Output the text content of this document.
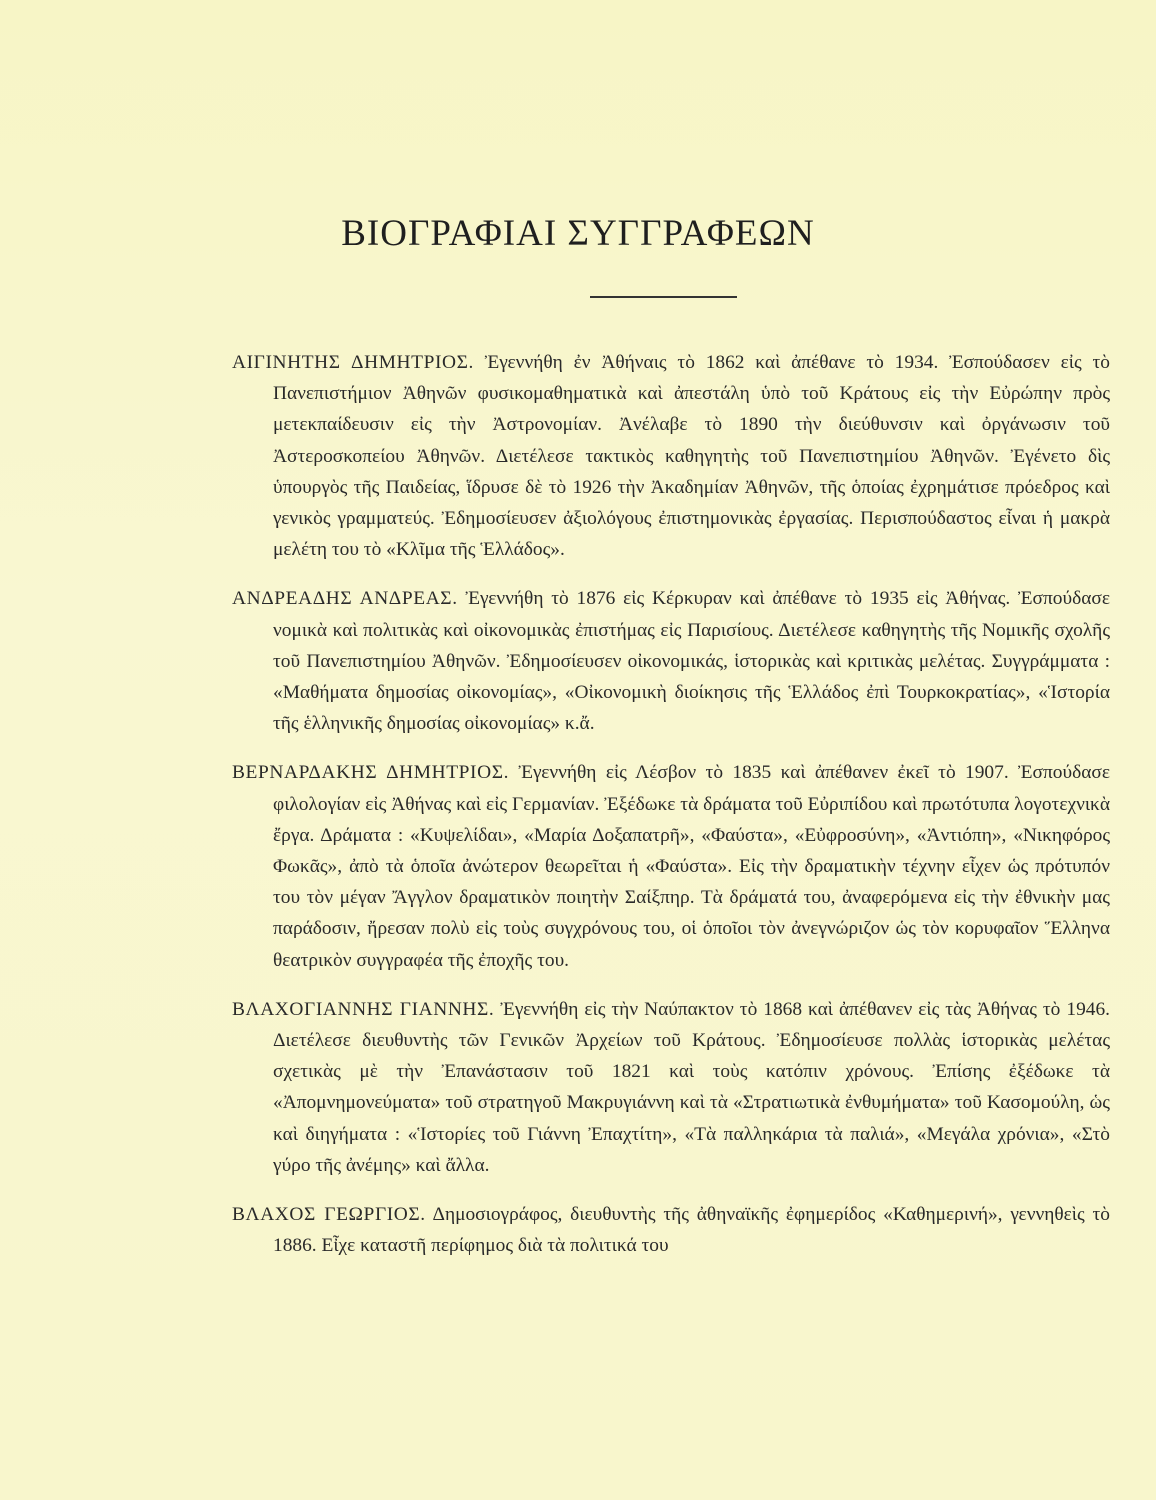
ΒΙΟΓΡΑΦΙΑΙ ΣΥΓΓΡΑΦΕΩΝ

ΑΙΓΙΝΗΤΗΣ ΔΗΜΗΤΡΙΟΣ. Ἐγεννήθη ἐν Ἀθήναις τὸ 1862 καὶ ἀπέθανε τὸ 1934. Ἐσπούδασεν εἰς τὸ Πανεπιστήμιον Ἀθηνῶν φυσικομαθηματικὰ καὶ ἀπεστάλη ὑπὸ τοῦ Κράτους εἰς τὴν Εὐρώπην πρὸς μετεκπαίδευσιν εἰς τὴν Ἀστρονομίαν. Ἀνέλαβε τὸ 1890 τὴν διεύθυνσιν καὶ ὀργάνωσιν τοῦ Ἀστεροσκοπείου Ἀθηνῶν. Διετέλεσε τακτικὸς καθηγητὴς τοῦ Πανεπιστημίου Ἀθηνῶν. Ἐγένετο δὶς ὑπουργὸς τῆς Παιδείας, ἵδρυσε δὲ τὸ 1926 τὴν Ἀκαδημίαν Ἀθηνῶν, τῆς ὁποίας ἐχρημάτισε πρόεδρος καὶ γενικὸς γραμματεύς. Ἐδημοσίευσεν ἀξιολόγους ἐπιστημονικὰς ἐργασίας. Περισπούδαστος εἶναι ἡ μακρὰ μελέτη του τὸ «Κλῖμα τῆς Ἑλλάδος».

ΑΝΔΡΕΑΔΗΣ ΑΝΔΡΕΑΣ. Ἐγεννήθη τὸ 1876 εἰς Κέρκυραν καὶ ἀπέθανε τὸ 1935 εἰς Ἀθήνας. Ἐσπούδασε νομικὰ καὶ πολιτικὰς καὶ οἰκονομικὰς ἐπιστήμας εἰς Παρισίους. Διετέλεσε καθηγητὴς τῆς Νομικῆς σχολῆς τοῦ Πανεπιστημίου Ἀθηνῶν. Ἐδημοσίευσεν οἰκονομικάς, ἱστορικὰς καὶ κριτικὰς μελέτας. Συγγράμματα : «Μαθήματα δημοσίας οἰκονομίας», «Οἰκονομικὴ διοίκησις τῆς Ἑλλάδος ἐπὶ Τουρκοκρατίας», «Ἱστορία τῆς ἑλληνικῆς δημοσίας οἰκονομίας» κ.ἄ.

ΒΕΡΝΑΡΔΑΚΗΣ ΔΗΜΗΤΡΙΟΣ. Ἐγεννήθη εἰς Λέσβον τὸ 1835 καὶ ἀπέθανεν ἐκεῖ τὸ 1907. Ἐσπούδασε φιλολογίαν εἰς Ἀθήνας καὶ εἰς Γερμανίαν. Ἐξέδωκε τὰ δράματα τοῦ Εὐριπίδου καὶ πρωτότυπα λογοτεχνικὰ ἔργα. Δράματα : «Κυψελίδαι», «Μαρία Δοξαπατρῆ», «Φαύστα», «Εὐφροσύνη», «Ἀντιόπη», «Νικηφόρος Φωκᾶς», ἀπὸ τὰ ὁποῖα ἀνώτερον θεωρεῖται ἡ «Φαύστα». Εἰς τὴν δραματικὴν τέχνην εἶχεν ὡς πρότυπόν του τὸν μέγαν Ἄγγλον δραματικὸν ποιητὴν Σαίξπηρ. Τὰ δράματά του, ἀναφερόμενα εἰς τὴν ἐθνικὴν μας παράδοσιν, ἤρεσαν πολὺ εἰς τοὺς συγχρόνους του, οἱ ὁποῖοι τὸν ἀνεγνώριζον ὡς τὸν κορυφαῖον Ἕλληνα θεατρικὸν συγγραφέα τῆς ἐποχῆς του.

ΒΛΑΧΟΓΙΑΝΝΗΣ ΓΙΑΝΝΗΣ. Ἐγεννήθη εἰς τὴν Ναύπακτον τὸ 1868 καὶ ἀπέθανεν εἰς τὰς Ἀθήνας τὸ 1946. Διετέλεσε διευθυντὴς τῶν Γενικῶν Ἀρχείων τοῦ Κράτους. Ἐδημοσίευσε πολλὰς ἱστορικὰς μελέτας σχετικὰς μὲ τὴν Ἐπανάστασιν τοῦ 1821 καὶ τοὺς κατόπιν χρόνους. Ἐπίσης ἐξέδωκε τὰ «Ἀπομνημονεύματα» τοῦ στρατηγοῦ Μακρυγιάννη καὶ τὰ «Στρατιωτικὰ ἐνθυμήματα» τοῦ Κασομούλη, ὡς καὶ διηγήματα : «Ἱστορίες τοῦ Γιάννη Ἐπαχτίτη», «Τὰ παλληκάρια τὰ παλιά», «Μεγάλα χρόνια», «Στὸ γύρο τῆς ἀνέμης» καὶ ἄλλα.

ΒΛΑΧΟΣ ΓΕΩΡΓΙΟΣ. Δημοσιογράφος, διευθυντὴς τῆς ἀθηναϊκῆς ἐφημερίδος «Καθημερινή», γεννηθεὶς τὸ 1886. Εἶχε καταστῆ περίφημος διὰ τὰ πολιτικά του
